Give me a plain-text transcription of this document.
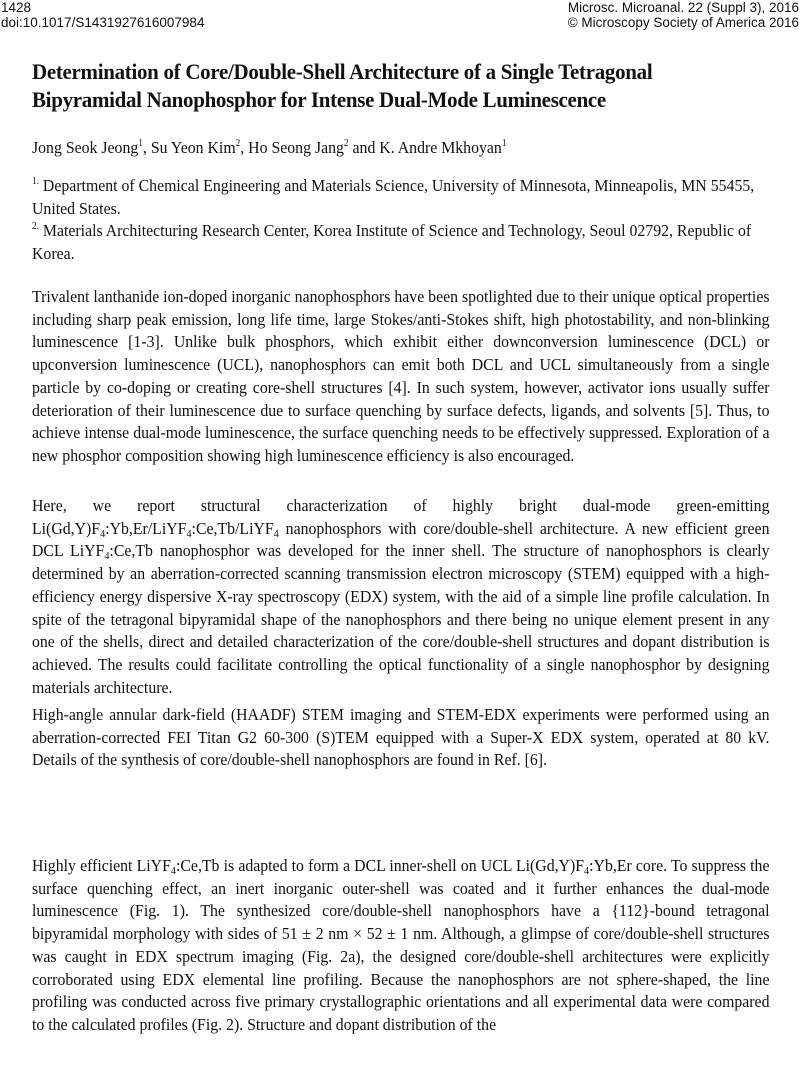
1428
doi:10.1017/S1431927616007984
Microsc. Microanal. 22 (Suppl 3), 2016
© Microscopy Society of America 2016
Determination of Core/Double-Shell Architecture of a Single Tetragonal Bipyramidal Nanophosphor for Intense Dual-Mode Luminescence
Jong Seok Jeong$^1$, Su Yeon Kim$^2$, Ho Seong Jang$^2$ and K. Andre Mkhoyan$^1$
$^{1.}$ Department of Chemical Engineering and Materials Science, University of Minnesota, Minneapolis, MN 55455, United States.
$^{2.}$ Materials Architecturing Research Center, Korea Institute of Science and Technology, Seoul 02792, Republic of Korea.

Trivalent lanthanide ion-doped inorganic nanophosphors have been spotlighted due to their unique optical properties including sharp peak emission, long life time, large Stokes/anti-Stokes shift, high photostability, and non-blinking luminescence [1-3]. Unlike bulk phosphors, which exhibit either downconversion luminescence (DCL) or upconversion luminescence (UCL), nanophosphors can emit both DCL and UCL simultaneously from a single particle by co-doping or creating core-shell structures [4]. In such system, however, activator ions usually suffer deterioration of their luminescence due to surface quenching by surface defects, ligands, and solvents [5]. Thus, to achieve intense dual-mode luminescence, the surface quenching needs to be effectively suppressed. Exploration of a new phosphor composition showing high luminescence efficiency is also encouraged.

Here, we report structural characterization of highly bright dual-mode green-emitting $Li(Gd,Y)F_4:Yb,Er/LiYF_4:Ce,Tb/LiYF_4$ nanophosphors with core/double-shell architecture. A new efficient green DCL LiYF$_4$:Ce,Tb nanophosphor was developed for the inner shell. The structure of nanophosphors is clearly determined by an aberration-corrected scanning transmission electron microscopy (STEM) equipped with a high-efficiency energy dispersive X-ray spectroscopy (EDX) system, with the aid of a simple line profile calculation. In spite of the tetragonal bipyramidal shape of the nanophosphors and there being no unique element present in any one of the shells, direct and detailed characterization of the core/double-shell structures and dopant distribution is achieved. The results could facilitate controlling the optical functionality of a single nanophosphor by designing materials architecture.

High-angle annular dark-field (HAADF) STEM imaging and STEM-EDX experiments were performed using an aberration-corrected FEI Titan G2 60-300 (S)TEM equipped with a Super-X EDX system, operated at 80 kV. Details of the synthesis of core/double-shell nanophosphors are found in Ref. [6].

Highly efficient LiYF$_4$:Ce,Tb is adapted to form a DCL inner-shell on UCL $Li(Gd,Y)F_4:Yb,Er$ core. To suppress the surface quenching effect, an inert inorganic outer-shell was coated and it further enhances the dual-mode luminescence (Fig. 1). The synthesized core/double-shell nanophosphors have a {112}-bound tetragonal bipyramidal morphology with sides of 51 ± 2 nm × 52 ± 1 nm. Although, a glimpse of core/double-shell structures was caught in EDX spectrum imaging (Fig. 2a), the designed core/double-shell architectures were explicitly corroborated using EDX elemental line profiling. Because the nanophosphors are not sphere-shaped, the line profiling was conducted across five primary crystallographic orientations and all experimental data were compared to the calculated profiles (Fig. 2). Structure and dopant distribution of the
